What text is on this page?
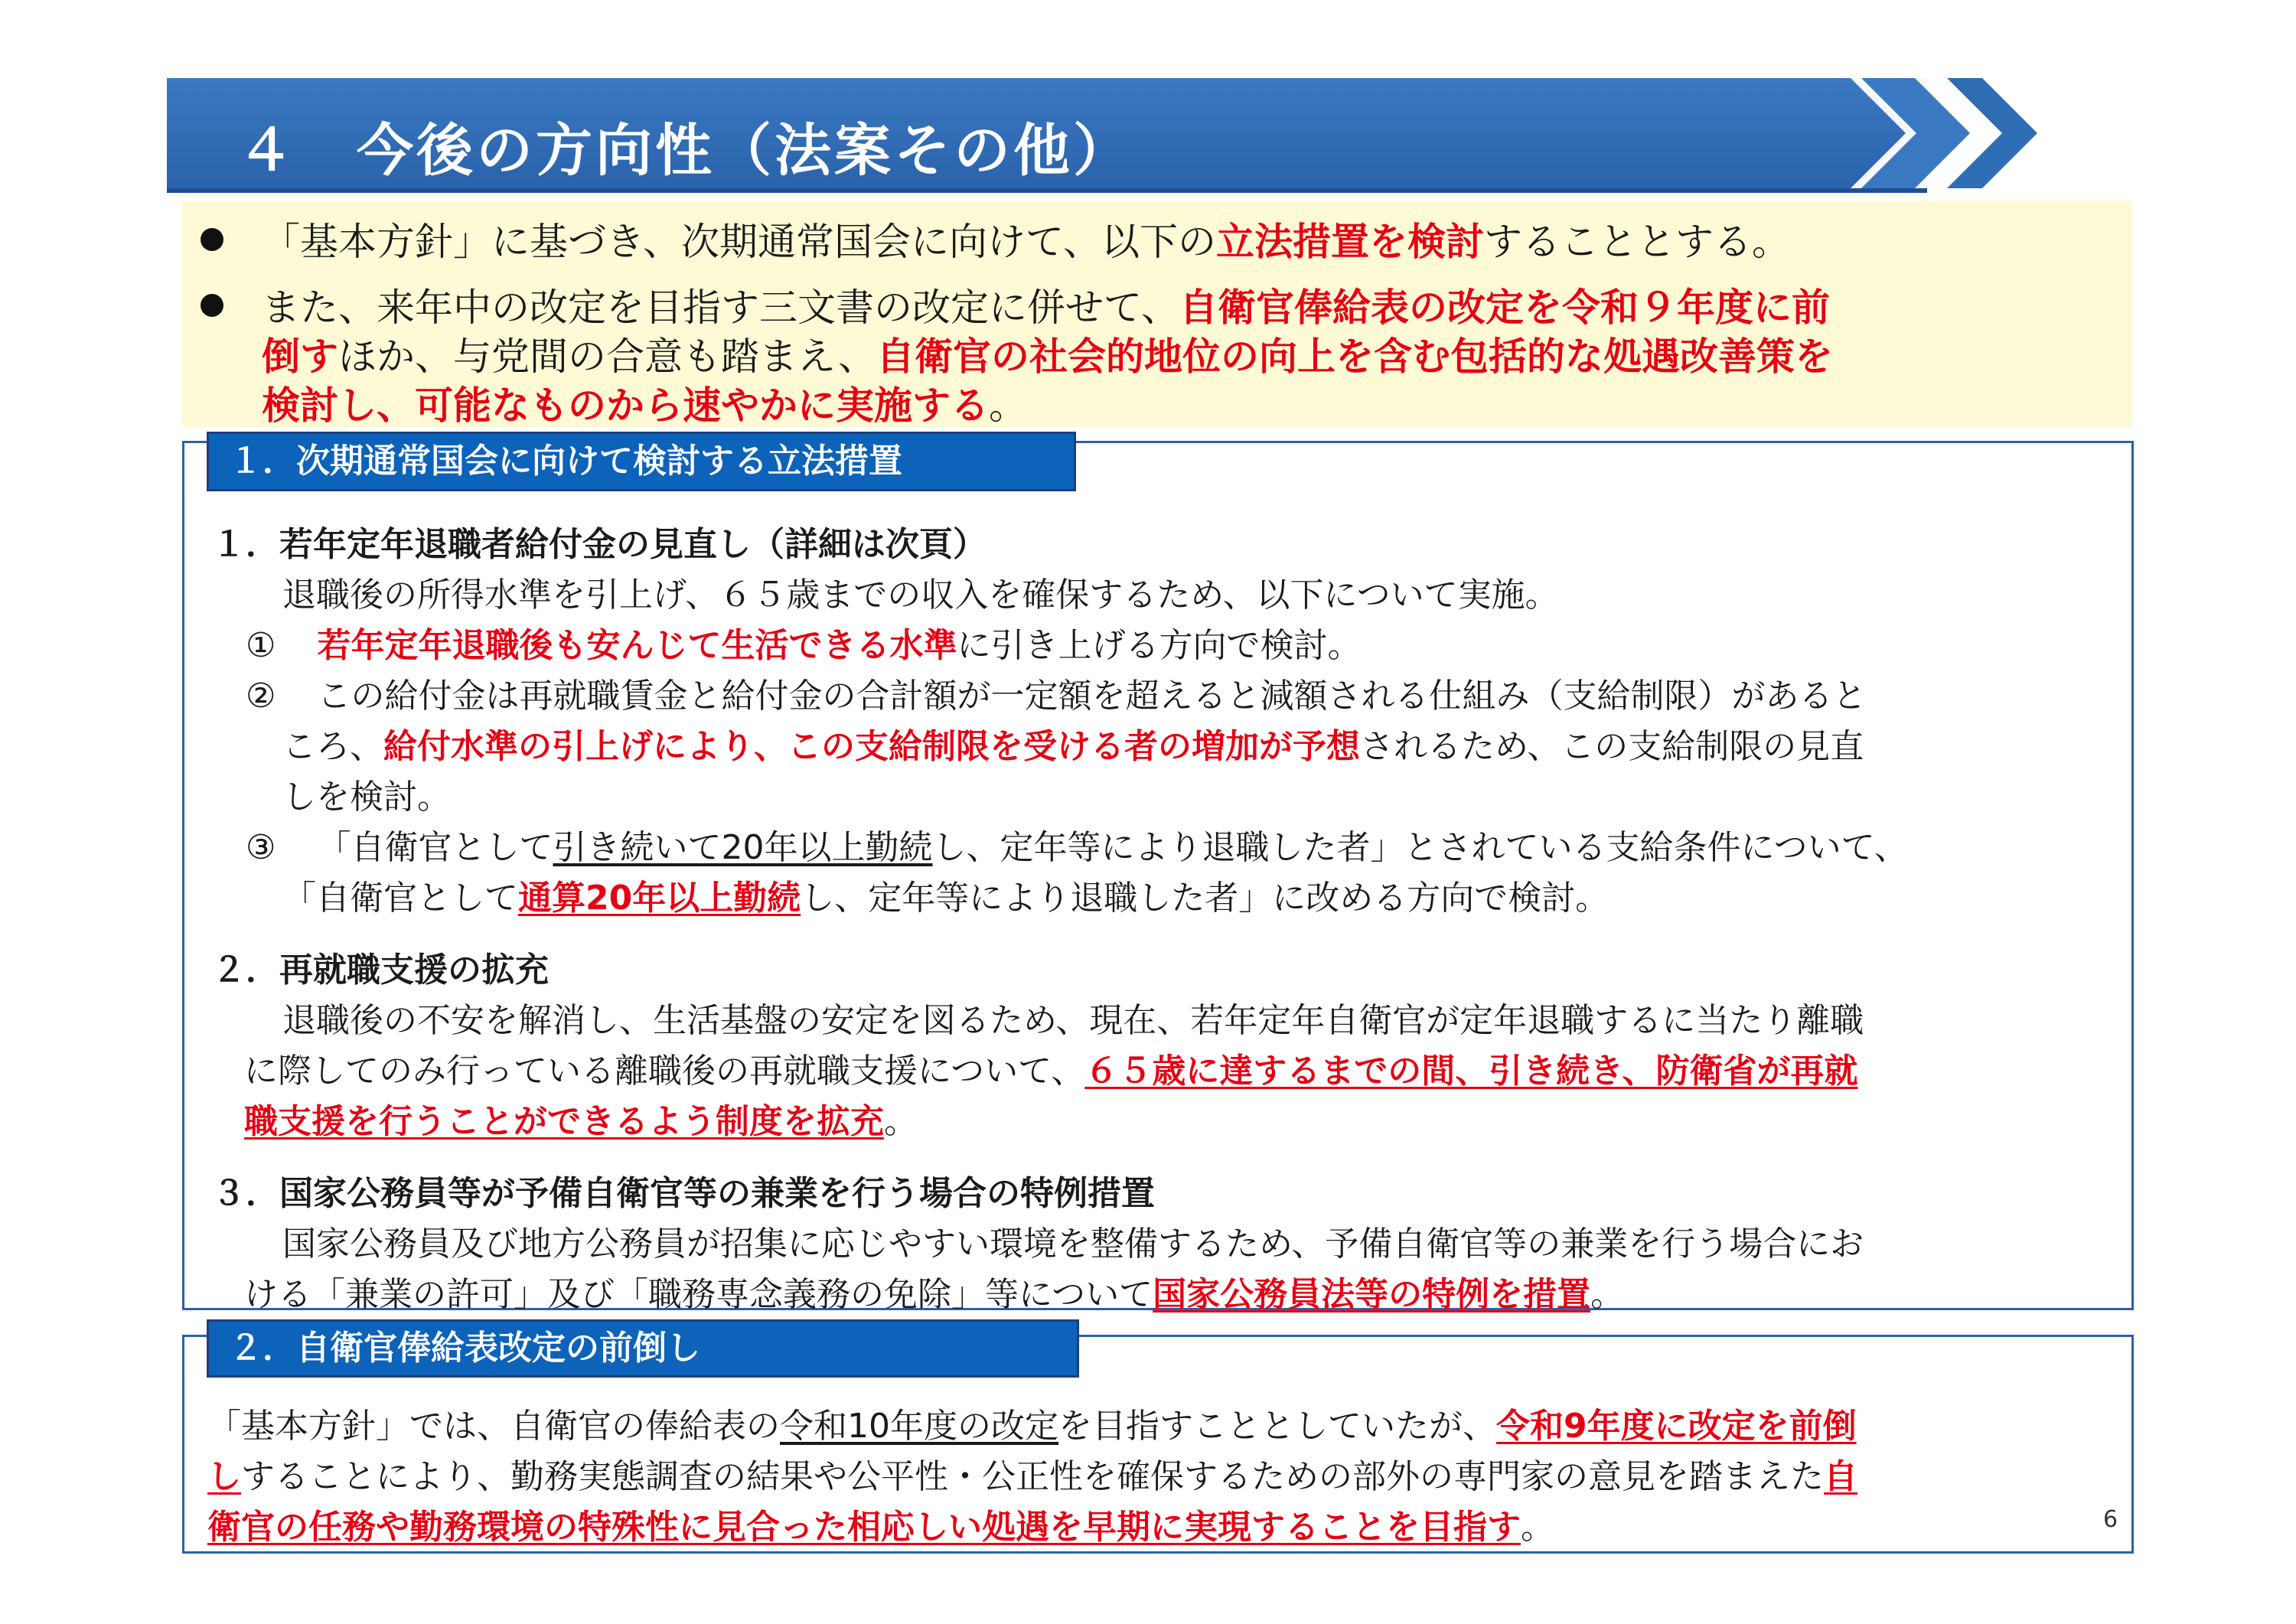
４　今後の方向性（法案その他）
「基本方針」に基づき、次期通常国会に向けて、以下の立法措置を検討することとする。
また、来年中の改定を目指す三文書の改定に併せて、自衛官俸給表の改定を令和９年度に前
倒すほか、与党間の合意も踏まえ、自衛官の社会的地位の向上を含む包括的な処遇改善策を
検討し、可能なものから速やかに実施する。
１．若年定年退職者給付金の見直し（詳細は次頁）
退職後の所得水準を引上げ、６５歳までの収入を確保するため、以下について実施。
① 若年定年退職後も安んじて生活できる水準に引き上げる方向で検討。
② この給付金は再就職賃金と給付金の合計額が一定額を超えると減額される仕組み（支給制限）があると
ころ、給付水準の引上げにより、この支給制限を受ける者の増加が予想されるため、この支給制限の見直
しを検討。
③ 「自衛官として引き続いて20年以上勤続し、定年等により退職した者」とされている支給条件について、
「自衛官として通算20年以上勤続し、定年等により退職した者」に改める方向で検討。
２．再就職支援の拡充
退職後の不安を解消し、生活基盤の安定を図るため、現在、若年定年自衛官が定年退職するに当たり離職
に際してのみ行っている離職後の再就職支援について、６５歳に達するまでの間、引き続き、防衛省が再就
職支援を行うことができるよう制度を拡充。
３．国家公務員等が予備自衛官等の兼業を行う場合の特例措置
国家公務員及び地方公務員が招集に応じやすい環境を整備するため、予備自衛官等の兼業を行う場合にお
ける「兼業の許可」及び「職務専念義務の免除」等について国家公務員法等の特例を措置。
１．次期通常国会に向けて検討する立法措置
「基本方針」では、自衛官の俸給表の令和10年度の改定を目指すこととしていたが、令和9年度に改定を前倒
しすることにより、勤務実態調査の結果や公平性・公正性を確保するための部外の専門家の意見を踏まえた自
衛官の任務や勤務環境の特殊性に見合った相応しい処遇を早期に実現することを目指す。
２．自衛官俸給表改定の前倒し
6
